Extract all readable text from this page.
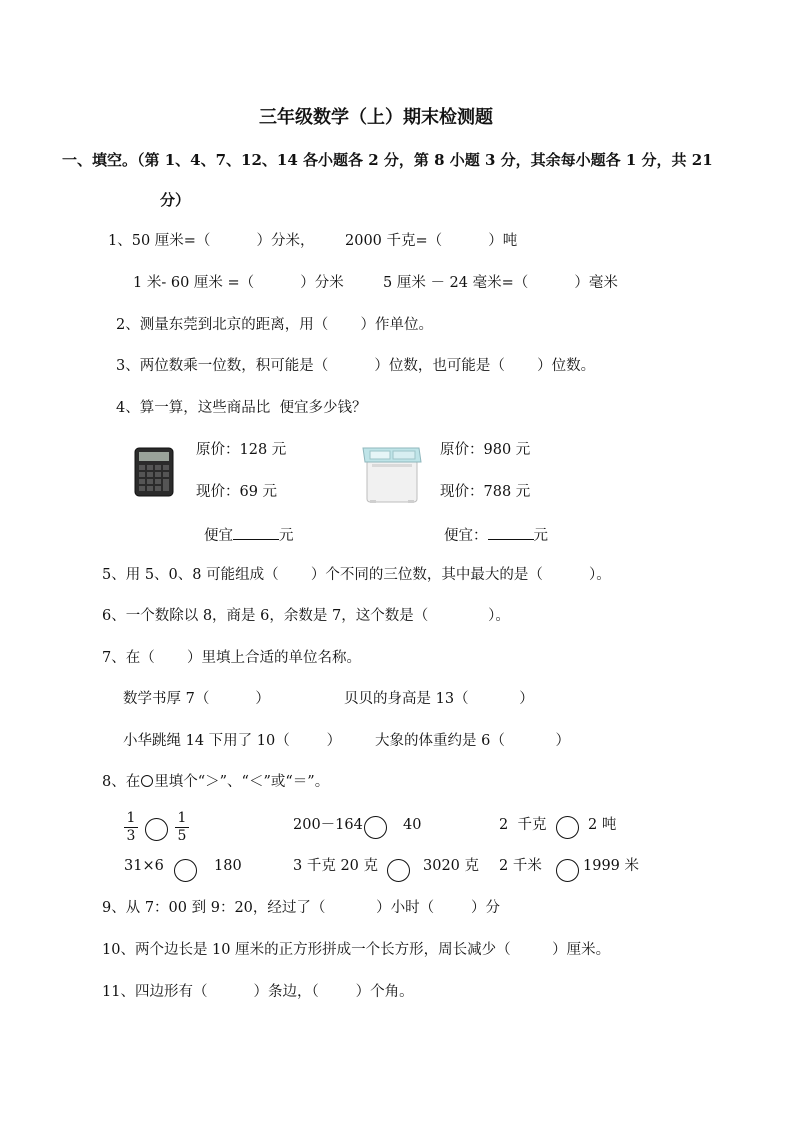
三年级数学（上）期末检测题
一、填空。（第 1、4、7、12、14 各小题各 2 分，第 8 小题 3 分，其余每小题各 1 分，共 21
分）
1、50 厘米=（          ）分米， 2000 千克=（          ）吨
1 米- 60 厘米 =（          ）分米	5 厘米 － 24 毫米=（          ）毫米
2、测量东莞到北京的距离，用（       ）作单位。
3、两位数乘一位数，积可能是（          ）位数，也可能是（       ）位数。
4、算一算，这些商品比  便宜多少钱？
原价：128 元
现价：69 元
便宜	元
原价：980 元
现价：788 元
便宜：	元
5、用 5、0、8 可能组成（       ）个不同的三位数，其中最大的是（          ）。
6、一个数除以 8，商是 6，余数是 7，这个数是（             ）。
7、在（       ）里填上合适的单位名称。
数学书厚 7（          ）	贝贝的身高是 13（           ）
小华跳绳 14 下用了 10（        ） 大象的体重约是 6（           ）
8、在 里填个“＞”、“＜”或“＝”。
1
3
1
5
200－164	40	2  千克	2 吨
31×6	180	3 千克 20 克	3020 克 2 千米	1999 米
9、从 7：00 到 9：20，经过了（           ）小时（        ）分
10、两个边长是 10 厘米的正方形拼成一个长方形，周长减少（         ）厘米。
11、四边形有（          ）条边，（        ）个角。
